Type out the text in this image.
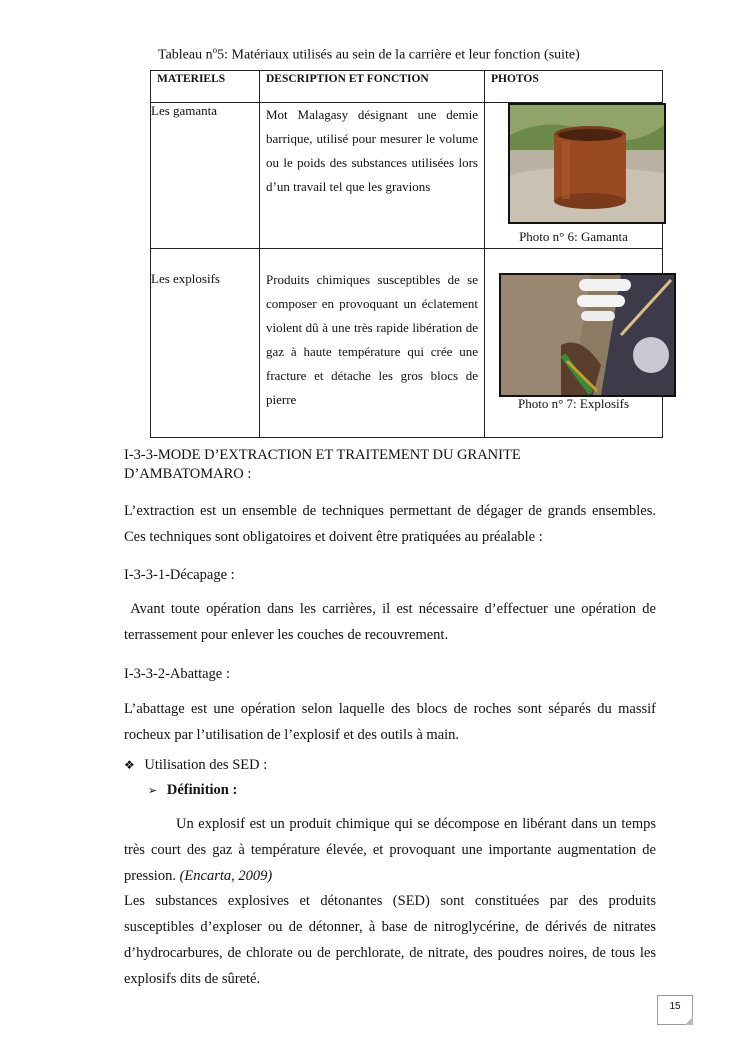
Tableau $n^o5$: Matériaux utilisés au sein de la carrière et leur fonction (suite)
MATERIELS	DESCRIPTION ET FONCTION	PHOTOS
Les gamanta	Mot Malagasy désignant une demie barrique, utilisé pour mesurer le volume ou le poids des substances utilisées lors d’un travail tel que les gravions	Photo n° 6: Gamanta

Les explosifs	Produits chimiques susceptibles de se composer en provoquant un éclatement violent dû à une très rapide libération de gaz à haute température qui crée une fracture et détache les gros blocs de pierre	Photo n° 7: Explosifs
I-3-3-MODE D’EXTRACTION ET TRAITEMENT DU GRANITE
D’AMBATOMARO :
L’extraction est un ensemble de techniques permettant de dégager de grands ensembles. Ces techniques sont obligatoires et doivent être pratiquées au préalable :
I-3-3-1-Décapage :
Avant toute opération dans les carrières, il est nécessaire d’effectuer une opération de terrassement pour enlever les couches de recouvrement.
I-3-3-2-Abattage :
L’abattage est une opération selon laquelle des blocs de roches sont séparés du massif rocheux par l’utilisation de l’explosif et des outils à main.
❖ Utilisation des SED :
➢ Définition :
Un explosif est un produit chimique qui se décompose en libérant dans un temps très court des gaz à température élevée, et provoquant une importante augmentation de pression. (Encarta, 2009)
Les substances explosives et détonantes (SED) sont constituées par des produits susceptibles d’exploser ou de détonner, à base de nitroglycérine, de dérivés de nitrates d’hydrocarbures, de chlorate ou de perchlorate, de nitrate, des poudres noires, de tous les explosifs dits de sûreté.
15
